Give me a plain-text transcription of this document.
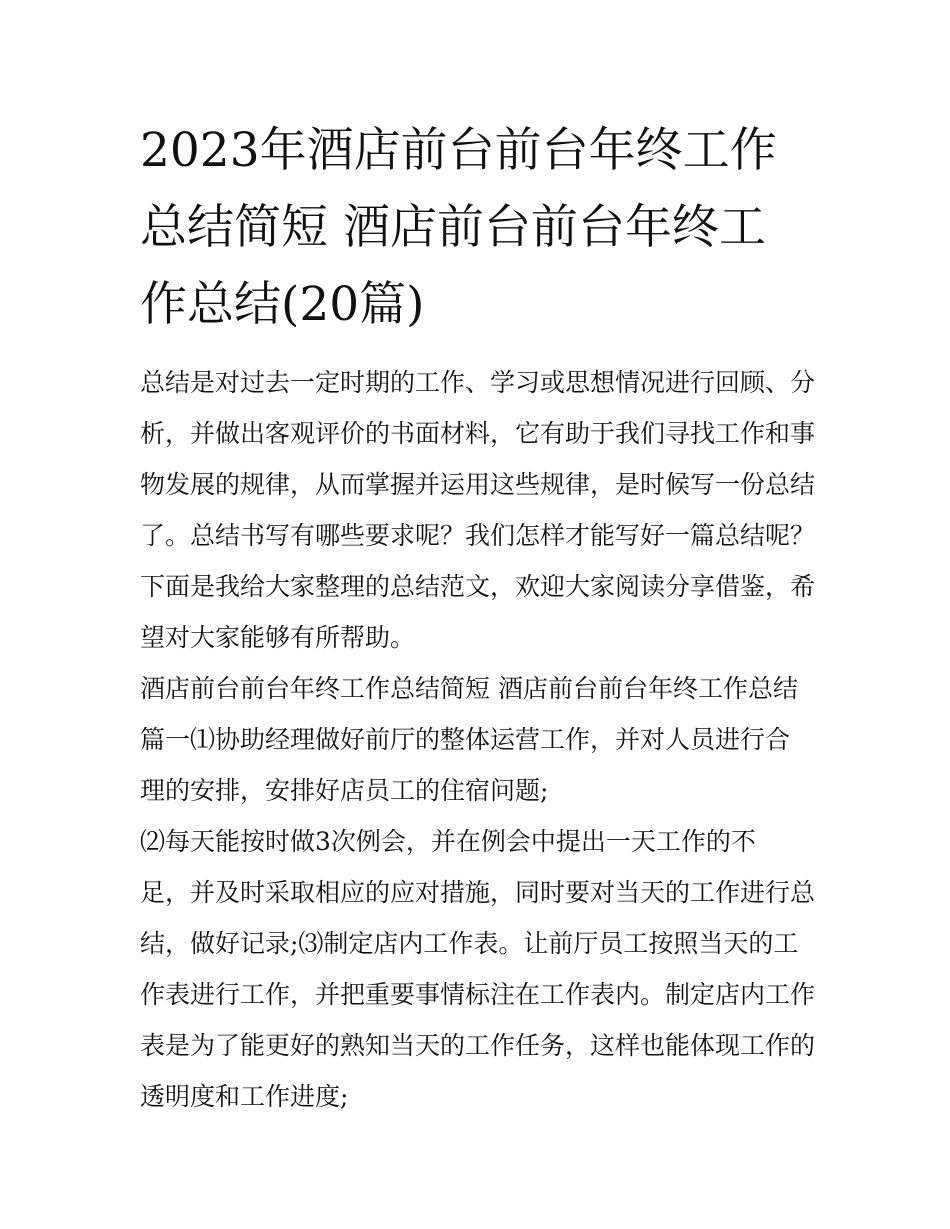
2023年酒店前台前台年终工作
总结简短 酒店前台前台年终工
作总结(20篇)
总结是对过去一定时期的工作、学习或思想情况进行回顾、分
析，并做出客观评价的书面材料，它有助于我们寻找工作和事
物发展的规律，从而掌握并运用这些规律，是时候写一份总结
了。总结书写有哪些要求呢？我们怎样才能写好一篇总结呢？
下面是我给大家整理的总结范文，欢迎大家阅读分享借鉴，希
望对大家能够有所帮助。
酒店前台前台年终工作总结简短 酒店前台前台年终工作总结
篇一⑴协助经理做好前厅的整体运营工作，并对人员进行合
理的安排，安排好店员工的住宿问题;
⑵每天能按时做3次例会，并在例会中提出一天工作的不
足，并及时采取相应的应对措施，同时要对当天的工作进行总
结，做好记录;⑶制定店内工作表。让前厅员工按照当天的工
作表进行工作，并把重要事情标注在工作表内。制定店内工作
表是为了能更好的熟知当天的工作任务，这样也能体现工作的
透明度和工作进度;
